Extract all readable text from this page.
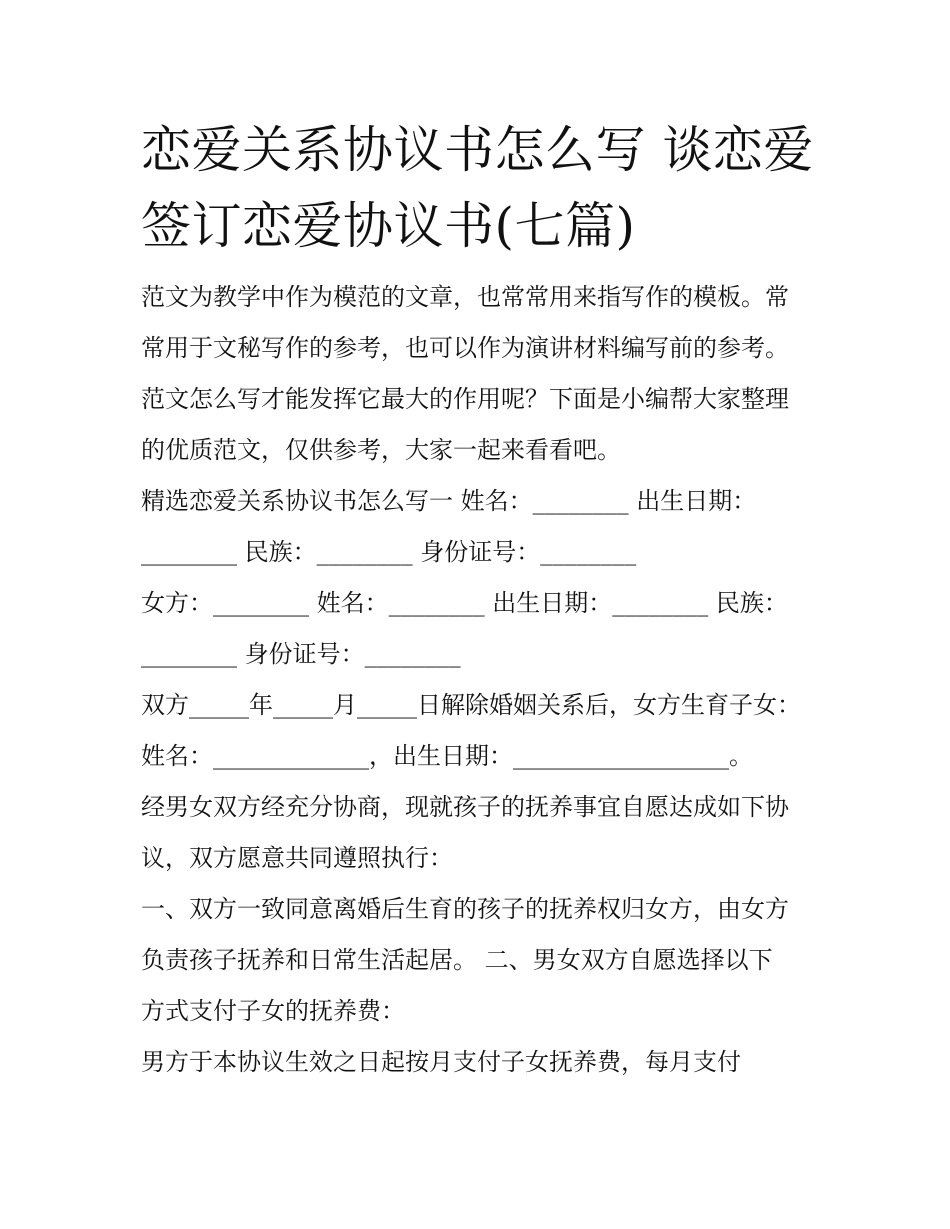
恋爱关系协议书怎么写 谈恋爱
签订恋爱协议书(七篇)

范文为教学中作为模范的文章，也常常用来指写作的模板。常
常用于文秘写作的参考，也可以作为演讲材料编写前的参考。
范文怎么写才能发挥它最大的作用呢？下面是小编帮大家整理
的优质范文，仅供参考，大家一起来看看吧。

精选恋爱关系协议书怎么写一 姓名：________ 出生日期：
________ 民族：________ 身份证号：________

女方：________ 姓名：________ 出生日期：________ 民族：
________ 身份证号：________

双方_____年_____月_____日解除婚姻关系后，女方生育子女：
姓名：_____________，出生日期：__________________。

经男女双方经充分协商，现就孩子的抚养事宜自愿达成如下协
议，双方愿意共同遵照执行：

一、双方一致同意离婚后生育的孩子的抚养权归女方，由女方
负责孩子抚养和日常生活起居。 二、男女双方自愿选择以下
方式支付子女的抚养费：

男方于本协议生效之日起按月支付子女抚养费，每月支付
